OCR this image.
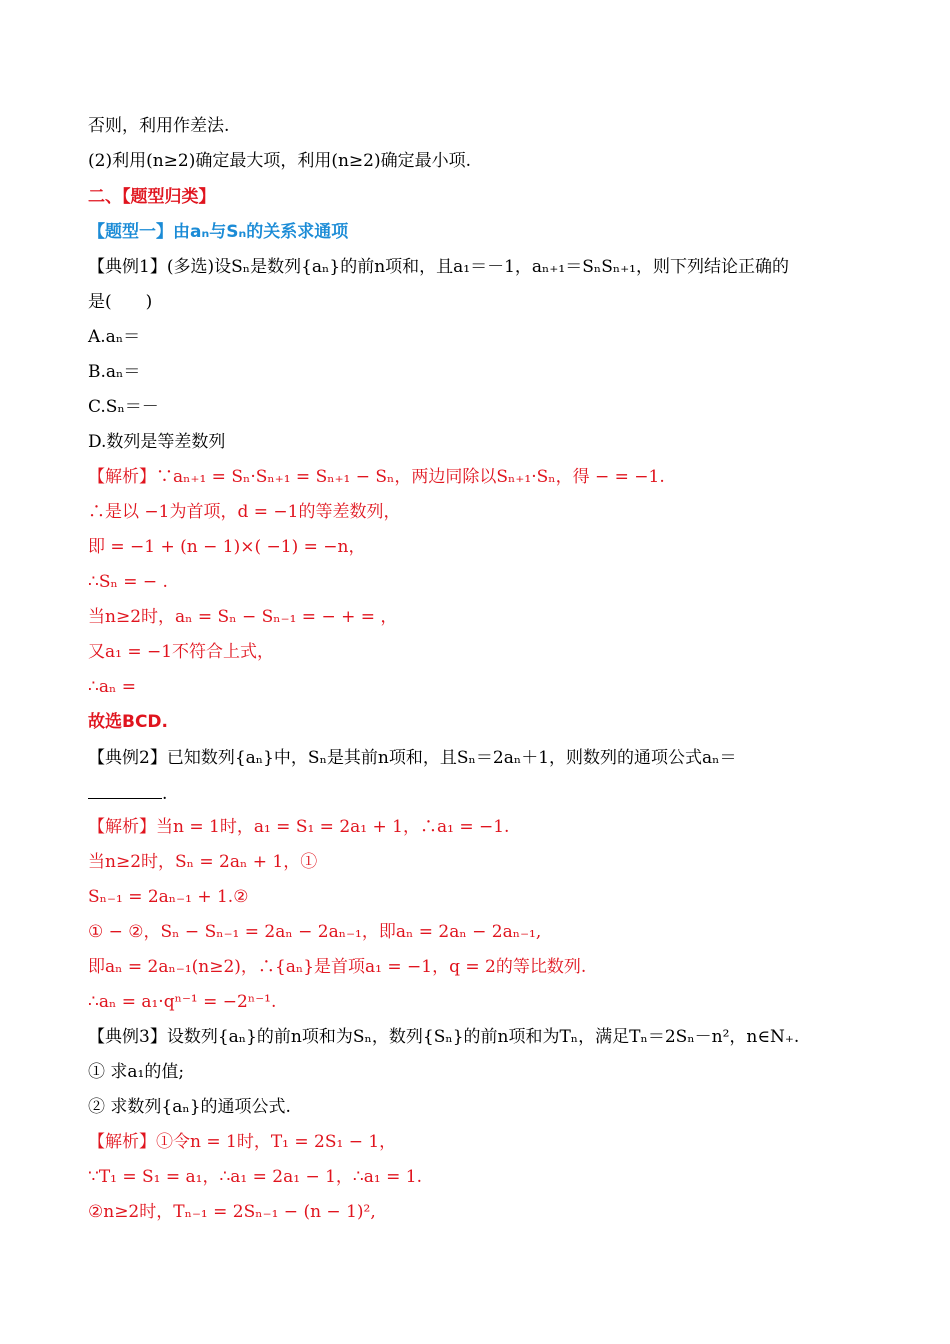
否则，利用作差法.
(2)利用(n≥2)确定最大项，利用(n≥2)确定最小项.
二、【题型归类】
【题型一】由aₙ与Sₙ的关系求通项
【典例1】(多选)设Sₙ是数列{aₙ}的前n项和，且a₁＝－1，aₙ₊₁＝SₙSₙ₊₁，则下列结论正确的
是(　　)
A.aₙ＝
B.aₙ＝
C.Sₙ＝－
D.数列是等差数列
【解析】∵aₙ₊₁ = Sₙ·Sₙ₊₁ = Sₙ₊₁ − Sₙ，两边同除以Sₙ₊₁·Sₙ，得 − = −1.
∴是以 −1为首项，d = −1的等差数列，
即 = −1 + (n − 1)×( −1) = −n，
∴Sₙ = − .
当n≥2时，aₙ = Sₙ − Sₙ₋₁ = − + = ，
又a₁ = −1不符合上式，
∴aₙ =
故选BCD.
【典例2】已知数列{aₙ}中，Sₙ是其前n项和，且Sₙ＝2aₙ＋1，则数列的通项公式aₙ＝
.
【解析】当n = 1时，a₁ = S₁ = 2a₁ + 1，∴a₁ = −1.
当n≥2时，Sₙ = 2aₙ + 1，①
Sₙ₋₁ = 2aₙ₋₁ + 1.②
① − ②，Sₙ − Sₙ₋₁ = 2aₙ − 2aₙ₋₁，即aₙ = 2aₙ − 2aₙ₋₁,
即aₙ = 2aₙ₋₁(n≥2)，∴{aₙ}是首项a₁ = −1，q = 2的等比数列.
∴aₙ = a₁·qⁿ⁻¹ = −2ⁿ⁻¹.
【典例3】设数列{aₙ}的前n项和为Sₙ，数列{Sₙ}的前n项和为Tₙ，满足Tₙ＝2Sₙ－n²，n∈N₊.
① 求a₁的值;
② 求数列{aₙ}的通项公式.
【解析】①令n = 1时，T₁ = 2S₁ − 1，
∵T₁ = S₁ = a₁，∴a₁ = 2a₁ − 1，∴a₁ = 1.
②n≥2时，Tₙ₋₁ = 2Sₙ₋₁ − (n − 1)²,
